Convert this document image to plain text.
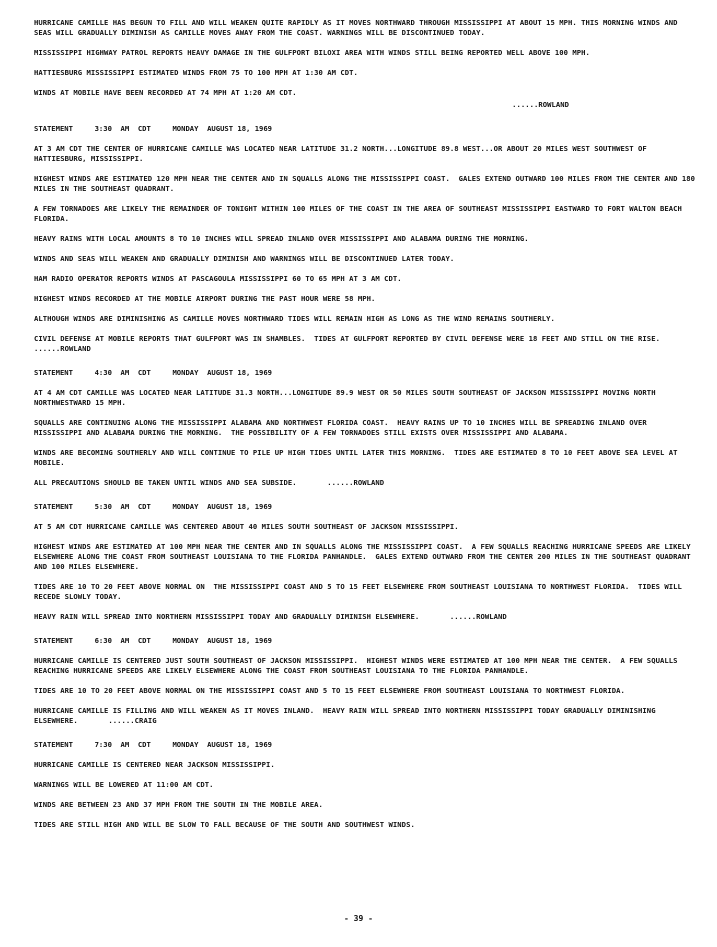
HURRICANE CAMILLE HAS BEGUN TO FILL AND WILL WEAKEN QUITE RAPIDLY AS IT MOVES NORTHWARD THROUGH MISSISSIPPI AT ABOUT 15 MPH. THIS MORNING WINDS AND SEAS WILL GRADUALLY DIMINISH AS CAMILLE MOVES AWAY FROM THE COAST. WARNINGS WILL BE DISCONTINUED TODAY.

MISSISSIPPI HIGHWAY PATROL REPORTS HEAVY DAMAGE IN THE GULFPORT BILOXI AREA WITH WINDS STILL BEING REPORTED WELL ABOVE 100 MPH.

HATTIESBURG MISSISSIPPI ESTIMATED WINDS FROM 75 TO 100 MPH AT 1:30 AM CDT.

WINDS AT MOBILE HAVE BEEN RECORDED AT 74 MPH AT 1:20 AM CDT.

......ROWLAND
STATEMENT     3:30  AM  CDT     MONDAY  AUGUST 18, 1969

AT 3 AM CDT THE CENTER OF HURRICANE CAMILLE WAS LOCATED NEAR LATITUDE 31.2 NORTH...LONGITUDE 89.8 WEST...OR ABOUT 20 MILES WEST SOUTHWEST OF HATTIESBURG, MISSISSIPPI.

HIGHEST WINDS ARE ESTIMATED 120 MPH NEAR THE CENTER AND IN SQUALLS ALONG THE MISSISSIPPI COAST.  GALES EXTEND OUTWARD 100 MILES FROM THE CENTER AND 180 MILES IN THE SOUTHEAST QUADRANT.

A FEW TORNADOES ARE LIKELY THE REMAINDER OF TONIGHT WITHIN 100 MILES OF THE COAST IN THE AREA OF SOUTHEAST MISSISSIPPI EASTWARD TO FORT WALTON BEACH FLORIDA.

HEAVY RAINS WITH LOCAL AMOUNTS 8 TO 10 INCHES WILL SPREAD INLAND OVER MISSISSIPPI AND ALABAMA DURING THE MORNING.

WINDS AND SEAS WILL WEAKEN AND GRADUALLY DIMINISH AND WARNINGS WILL BE DISCONTINUED LATER TODAY.

HAM RADIO OPERATOR REPORTS WINDS AT PASCAGOULA MISSISSIPPI 60 TO 65 MPH AT 3 AM CDT.

HIGHEST WINDS RECORDED AT THE MOBILE AIRPORT DURING THE PAST HOUR WERE 58 MPH.

ALTHOUGH WINDS ARE DIMINISHING AS CAMILLE MOVES NORTHWARD TIDES WILL REMAIN HIGH AS LONG AS THE WIND REMAINS SOUTHERLY.

CIVIL DEFENSE AT MOBILE REPORTS THAT GULFPORT WAS IN SHAMBLES.  TIDES AT GULFPORT REPORTED BY CIVIL DEFENSE WERE 18 FEET AND STILL ON THE RISE.       ......ROWLAND

STATEMENT     4:30  AM  CDT     MONDAY  AUGUST 18, 1969

AT 4 AM CDT CAMILLE WAS LOCATED NEAR LATITUDE 31.3 NORTH...LONGITUDE 89.9 WEST OR 50 MILES SOUTH SOUTHEAST OF JACKSON MISSISSIPPI MOVING NORTH NORTHWESTWARD 15 MPH.

SQUALLS ARE CONTINUING ALONG THE MISSISSIPPI ALABAMA AND NORTHWEST FLORIDA COAST.  HEAVY RAINS UP TO 10 INCHES WILL BE SPREADING INLAND OVER MISSISSIPPI AND ALABAMA DURING THE MORNING.  THE POSSIBILITY OF A FEW TORNADOES STILL EXISTS OVER MISSISSIPPI AND ALABAMA.

WINDS ARE BECOMING SOUTHERLY AND WILL CONTINUE TO PILE UP HIGH TIDES UNTIL LATER THIS MORNING.  TIDES ARE ESTIMATED 8 TO 10 FEET ABOVE SEA LEVEL AT MOBILE.

ALL PRECAUTIONS SHOULD BE TAKEN UNTIL WINDS AND SEA SUBSIDE.	......ROWLAND

STATEMENT     5:30  AM  CDT     MONDAY  AUGUST 18, 1969

AT 5 AM CDT HURRICANE CAMILLE WAS CENTERED ABOUT 40 MILES SOUTH SOUTHEAST OF JACKSON MISSISSIPPI.

HIGHEST WINDS ARE ESTIMATED AT 100 MPH NEAR THE CENTER AND IN SQUALLS ALONG THE MISSISSIPPI COAST.  A FEW SQUALLS REACHING HURRICANE SPEEDS ARE LIKELY ELSEWHERE ALONG THE COAST FROM SOUTHEAST LOUISIANA TO THE FLORIDA PANHANDLE.  GALES EXTEND OUTWARD FROM THE CENTER 200 MILES IN THE SOUTHEAST QUADRANT AND 100 MILES ELSEWHERE.

TIDES ARE 10 TO 20 FEET ABOVE NORMAL ON  THE MISSISSIPPI COAST AND 5 TO 15 FEET ELSEWHERE FROM SOUTHEAST LOUISIANA TO NORTHWEST FLORIDA.  TIDES WILL RECEDE SLOWLY TODAY.

HEAVY RAIN WILL SPREAD INTO NORTHERN MISSISSIPPI TODAY AND GRADUALLY DIMINISH ELSEWHERE.	......ROWLAND

STATEMENT     6:30  AM  CDT     MONDAY  AUGUST 18, 1969

HURRICANE CAMILLE IS CENTERED JUST SOUTH SOUTHEAST OF JACKSON MISSISSIPPI.  HIGHEST WINDS WERE ESTIMATED AT 100 MPH NEAR THE CENTER.  A FEW SQUALLS REACHING HURRICANE SPEEDS ARE LIKELY ELSEWHERE ALONG THE COAST FROM SOUTHEAST LOUISIANA TO THE FLORIDA PANHANDLE.

TIDES ARE 10 TO 20 FEET ABOVE NORMAL ON THE MISSISSIPPI COAST AND 5 TO 15 FEET ELSEWHERE FROM SOUTHEAST LOUISIANA TO NORTHWEST FLORIDA.

HURRICANE CAMILLE IS FILLING AND WILL WEAKEN AS IT MOVES INLAND.  HEAVY RAIN WILL SPREAD INTO NORTHERN MISSISSIPPI TODAY GRADUALLY DIMINISHING ELSEWHERE.	......CRAIG

STATEMENT     7:30  AM  CDT     MONDAY  AUGUST 18, 1969

HURRICANE CAMILLE IS CENTERED NEAR JACKSON MISSISSIPPI.

WARNINGS WILL BE LOWERED AT 11:00 AM CDT.

WINDS ARE BETWEEN 23 AND 37 MPH FROM THE SOUTH IN THE MOBILE AREA.

TIDES ARE STILL HIGH AND WILL BE SLOW TO FALL BECAUSE OF THE SOUTH AND SOUTHWEST WINDS.

- 39 -
